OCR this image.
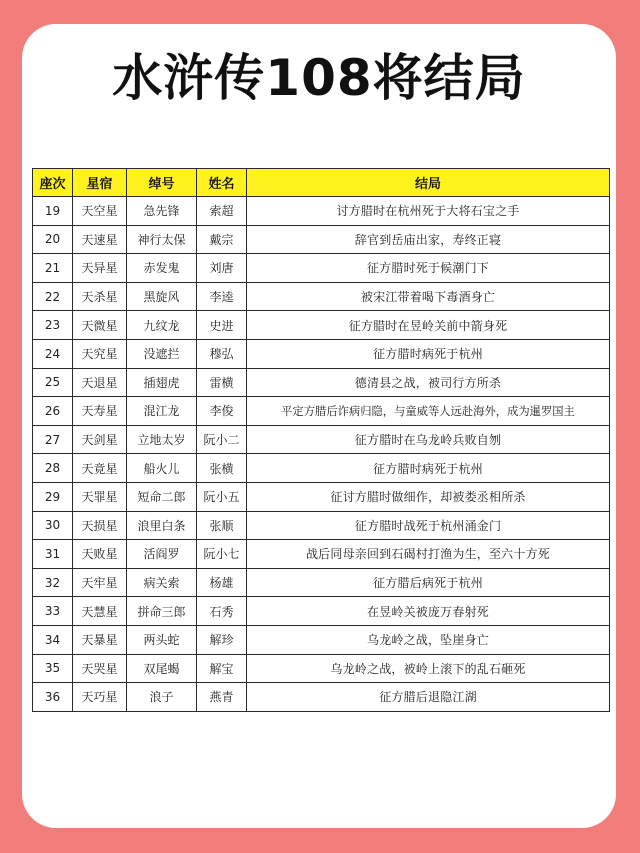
水浒传108将结局
座次	星宿	绰号	姓名	结局
19	天空星	急先锋	索超	讨方腊时在杭州死于大将石宝之手
20	天速星	神行太保	戴宗	辞官到岳庙出家，寿终正寝
21	天异星	赤发鬼	刘唐	征方腊时死于候潮门下
22	天杀星	黑旋风	李逵	被宋江带着喝下毒酒身亡
23	天微星	九纹龙	史进	征方腊时在昱岭关前中箭身死
24	天究星	没遮拦	穆弘	征方腊时病死于杭州
25	天退星	插翅虎	雷横	德清县之战，被司行方所杀
26	天寿星	混江龙	李俊	平定方腊后诈病归隐，与童威等人远赴海外，成为暹罗国主
27	天剑星	立地太岁	阮小二	征方腊时在乌龙岭兵败自刎
28	天竟星	船火儿	张横	征方腊时病死于杭州
29	天罪星	短命二郎	阮小五	征讨方腊时做细作，却被娄丞相所杀
30	天损星	浪里白条	张顺	征方腊时战死于杭州涌金门
31	天败星	活阎罗	阮小七	战后同母亲回到石碣村打渔为生，至六十方死
32	天牢星	病关索	杨雄	征方腊后病死于杭州
33	天慧星	拼命三郎	石秀	在昱岭关被庞万春射死
34	天暴星	两头蛇	解珍	乌龙岭之战，坠崖身亡
35	天哭星	双尾蝎	解宝	乌龙岭之战，被岭上滚下的乱石砸死
36	天巧星	浪子	燕青	征方腊后退隐江湖
